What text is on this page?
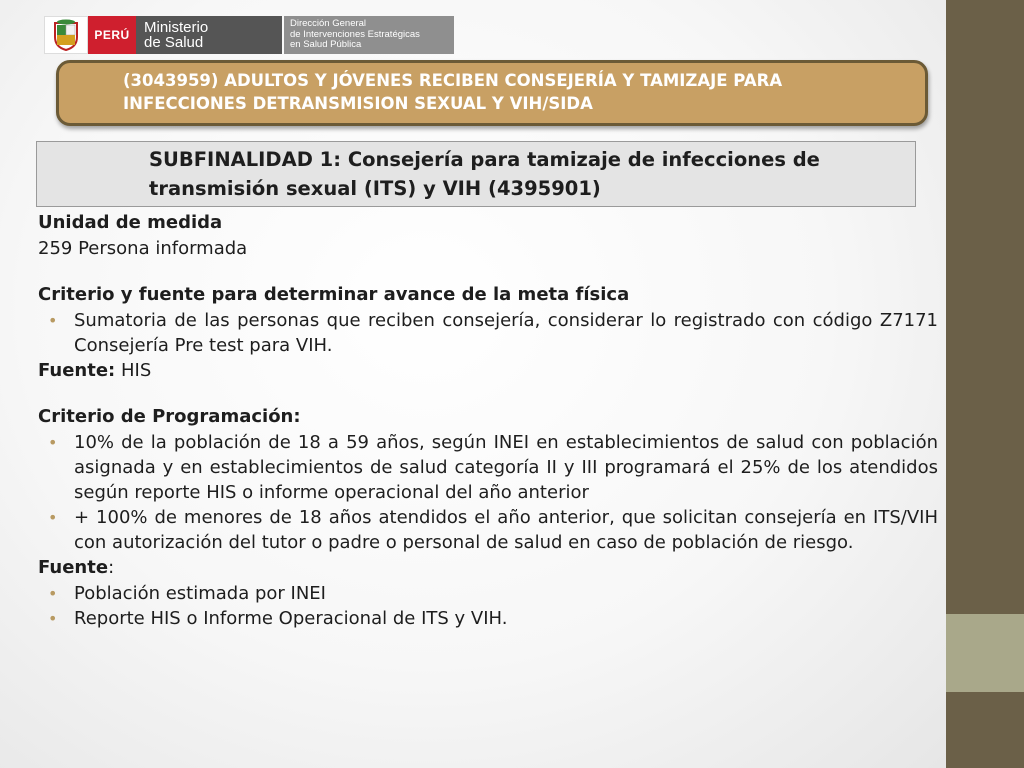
PERÚ Ministerio
de Salud
Dirección General
de Intervenciones Estratégicas
en Salud Pública
(3043959) ADULTOS Y JÓVENES RECIBEN CONSEJERÍA Y TAMIZAJE PARA
INFECCIONES DETRANSMISION SEXUAL Y VIH/SIDA
SUBFINALIDAD 1: Consejería para tamizaje de infecciones de
transmisión sexual (ITS) y VIH (4395901)

Unidad de medida

259 Persona informada

Criterio y fuente para determinar avance de la meta física

• Sumatoria de las personas que reciben consejería, considerar lo registrado con código Z7171 Consejería Pre test para VIH.

Fuente: HIS

Criterio de Programación:

• 10% de la población de 18 a 59 años, según INEI en establecimientos de salud con población asignada y en establecimientos de salud categoría II y III programará el 25% de los atendidos según reporte HIS o informe operacional del año anterior
• + 100% de menores de 18 años atendidos el año anterior, que solicitan consejería en ITS/VIH con autorización del tutor o padre o personal de salud en caso de población de riesgo.

Fuente:

• Población estimada por INEI
• Reporte HIS o Informe Operacional de ITS y VIH.
